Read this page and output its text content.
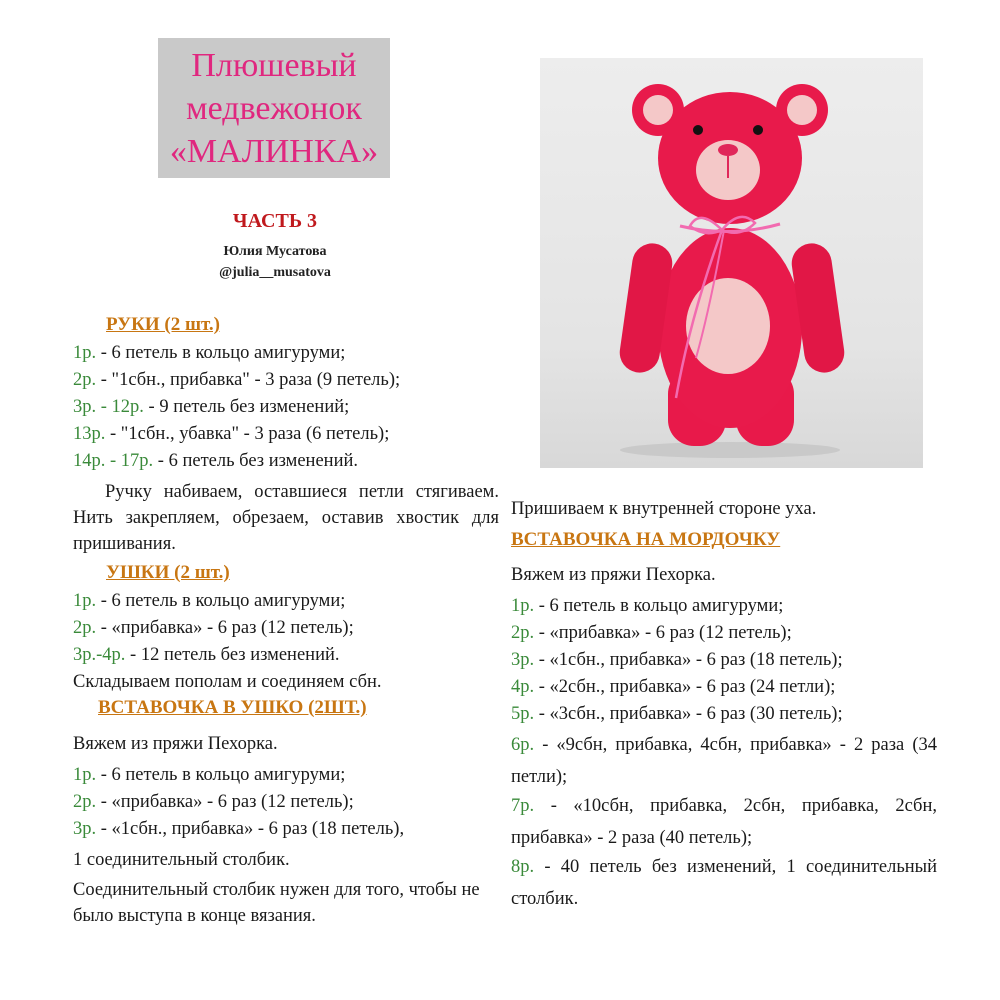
Плюшевый
медвежонок
«МАЛИНКА»
ЧАСТЬ 3
Юлия Мусатова
@julia__musatova
РУКИ (2 шт.)
1р. - 6 петель в кольцо амигуруми;
2р. - "1сбн., прибавка" - 3 раза (9 петель);
3р. - 12р. - 9 петель без изменений;
13р. - "1сбн., убавка" - 3 раза (6 петель);
14р. - 17р. - 6 петель без изменений.
Ручку набиваем, оставшиеся петли стягиваем. Нить закрепляем, обрезаем, оставив хвостик для пришивания.
УШКИ (2 шт.)
1р. - 6 петель в кольцо амигуруми;
2р. - «прибавка» - 6 раз (12 петель);
3р.-4р. - 12 петель без изменений.
Складываем пополам и соединяем сбн.
ВСТАВОЧКА В УШКО (2ШТ.)
Вяжем из пряжи Пехорка.
1р. - 6 петель в кольцо амигуруми;
2р. - «прибавка» - 6 раз (12 петель);
3р. - «1сбн., прибавка» - 6 раз (18 петель),
1 соединительный столбик.
Соединительный столбик нужен для того, чтобы не было выступа в конце вязания.
Пришиваем к внутренней стороне уха.
ВСТАВОЧКА НА МОРДОЧКУ
Вяжем из пряжи Пехорка.
1р. - 6 петель в кольцо амигуруми;
2р. - «прибавка» - 6 раз (12 петель);
3р. - «1сбн., прибавка» - 6 раз (18 петель);
4р. - «2сбн., прибавка» - 6 раз (24 петли);
5р. - «3сбн., прибавка» - 6 раз (30 петель);
6р. - «9сбн, прибавка, 4сбн, прибавка» - 2 раза (34 петли);
7р. - «10сбн, прибавка, 2сбн, прибавка, 2сбн, прибавка» - 2 раза (40 петель);
8р. - 40 петель без изменений, 1 соединительный столбик.
